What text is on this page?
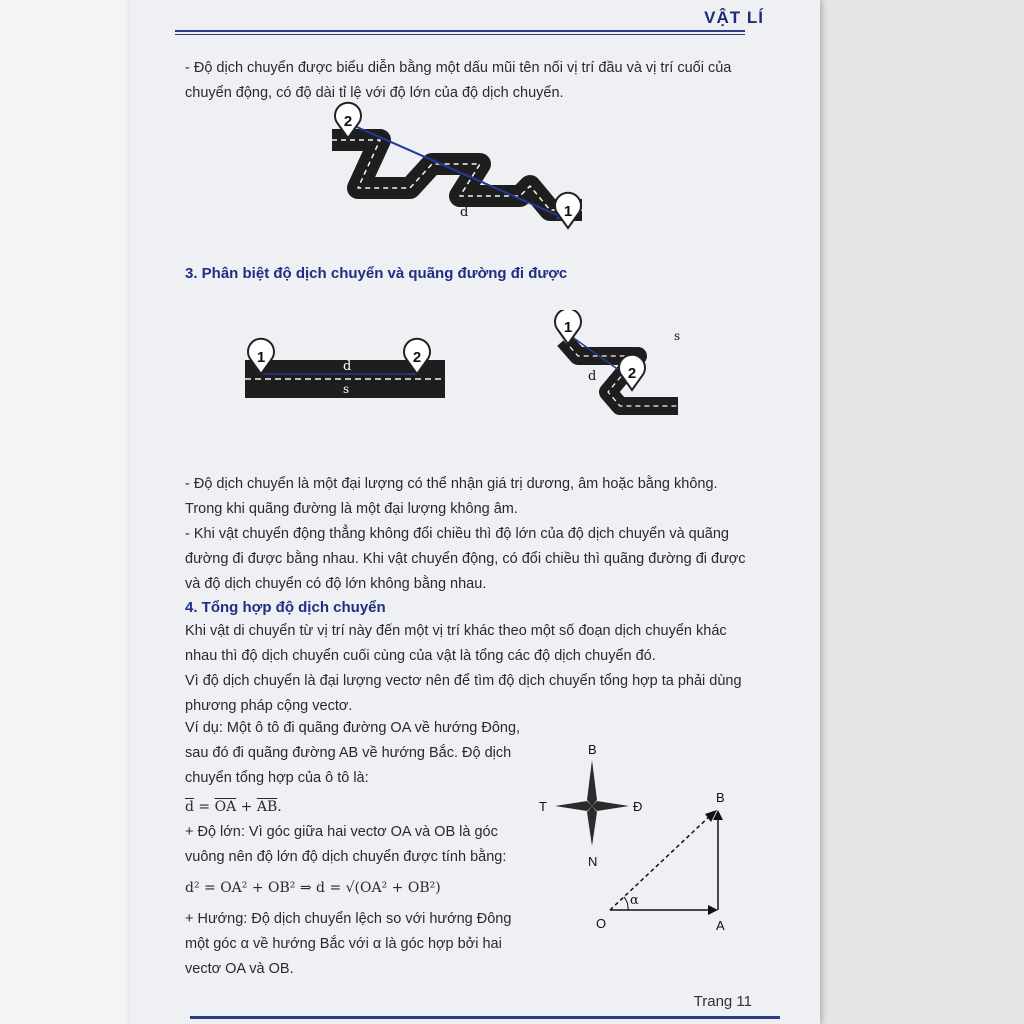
VẬT LÍ
- Độ dịch chuyển được biểu diễn bằng một dấu mũi tên nối vị trí đầu và vị trí cuối của
chuyển động, có độ dài tỉ lệ với độ lớn của độ dịch chuyển.
2
1
d
3. Phân biệt độ dịch chuyển và quãng đường đi được
d
s
1	2
d
s
1
2
- Độ dịch chuyển là một đại lượng có thể nhận giá trị dương, âm hoặc bằng không.
Trong khi quãng đường là một đại lượng không âm.
- Khi vật chuyển động thẳng không đổi chiều thì độ lớn của độ dịch chuyển và quãng
đường đi được bằng nhau. Khi vật chuyển động, có đổi chiều thì quãng đường đi được
và độ dịch chuyển có độ lớn không bằng nhau.
4. Tổng hợp độ dịch chuyển
Khi vật di chuyển từ vị trí này đến một vị trí khác theo một số đoạn dịch chuyển khác
nhau thì độ dịch chuyển cuối cùng của vật là tổng các độ dịch chuyển đó.
Vì độ dịch chuyển là đại lượng vectơ nên để tìm độ dịch chuyển tổng hợp ta phải dùng
phương pháp cộng vectơ.
Ví dụ: Một ô tô đi quãng đường OA về hướng Đông,
sau đó đi quãng đường AB về hướng Bắc. Độ dịch
chuyển tổng hợp của ô tô là:
$\overline{d} = \overline{OA} + \overline{AB}$.
+ Độ lớn: Vì góc giữa hai vectơ OA và OB là góc
vuông nên độ lớn độ dịch chuyển được tính bằng:
d² = OA² + OB² ⇒ d = √(OA² + OB²)
+ Hướng: Độ dịch chuyển lệch so với hướng Đông
một góc α về hướng Bắc với α là góc hợp bởi hai
vectơ OA và OB.
B
N
T	Đ
α
O	A
B
Trang 11
